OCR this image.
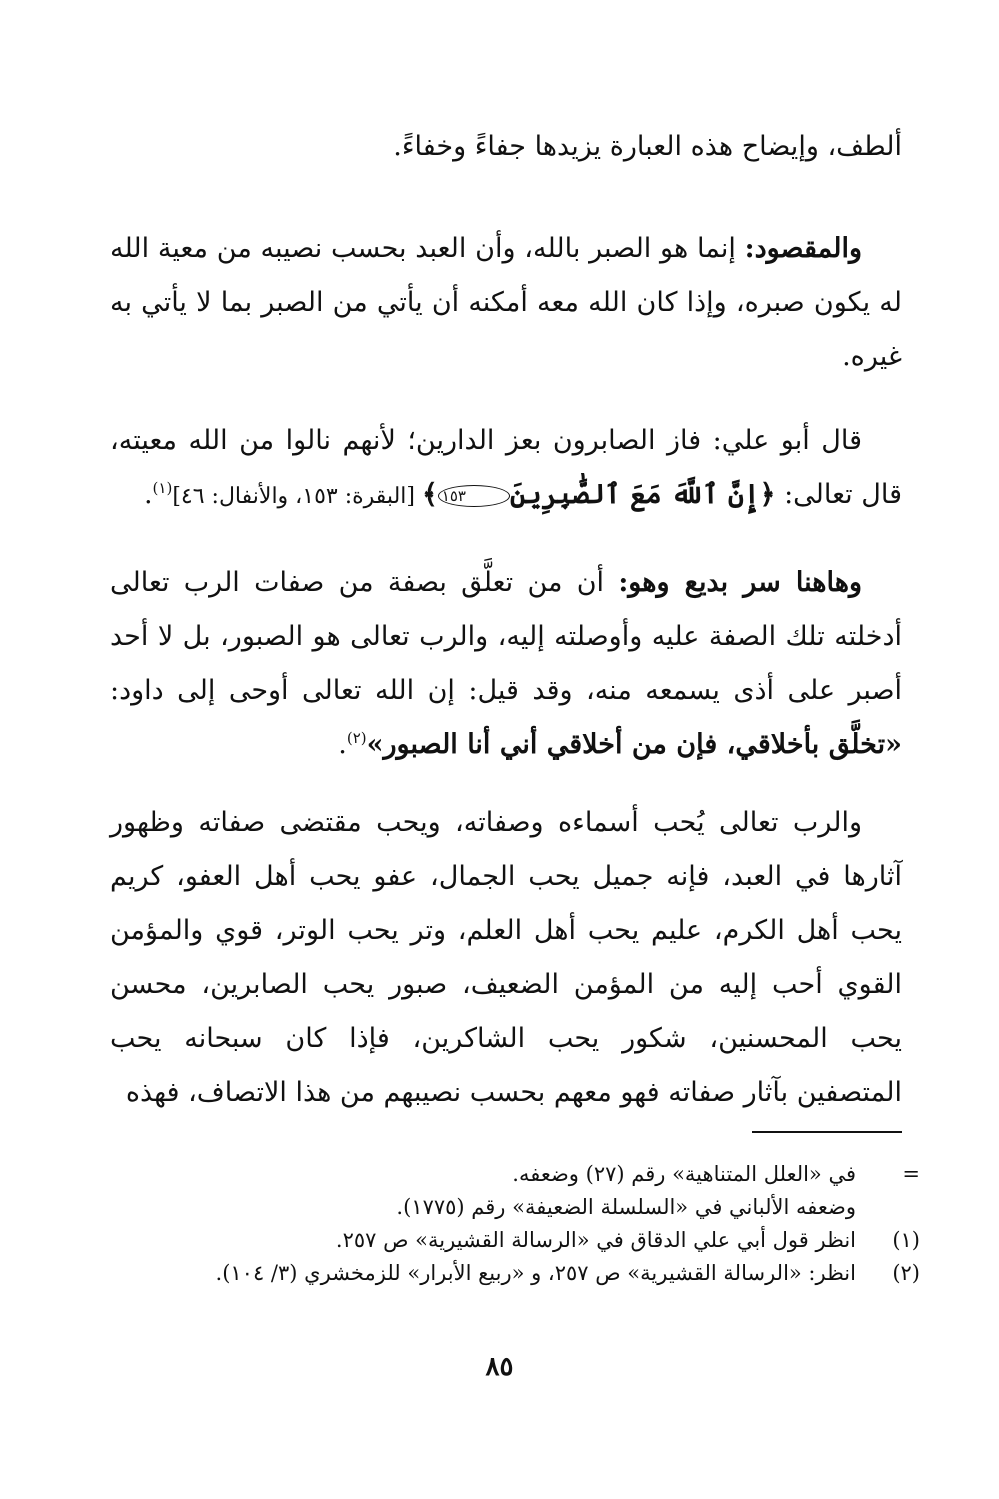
ألطف، وإيضاح هذه العبارة يزيدها جفاءً وخفاءً.

والمقصود: إنما هو الصبر بالله، وأن العبد بحسب نصيبه من معية الله له يكون صبره، وإذا كان الله معه أمكنه أن يأتي من الصبر بما لا يأتي به غيره.

قال أبو علي: فاز الصابرون بعز الدارين؛ لأنهم نالوا من الله معيته، قال تعالى: ﴿إِنَّ ٱللَّهَ مَعَ ٱلصَّٰبِرِينَ١٥٣﴾ [البقرة: ١٥٣، والأنفال: ٤٦]$^{(١)}$.

وهاهنا سر بديع وهو: أن من تعلَّق بصفة من صفات الرب تعالى أدخلته تلك الصفة عليه وأوصلته إليه، والرب تعالى هو الصبور، بل لا أحد أصبر على أذى يسمعه منه، وقد قيل: إن الله تعالى أوحى إلى داود: «تخلَّق بأخلاقي، فإن من أخلاقي أني أنا الصبور»$^{(٢)}$.

والرب تعالى يُحب أسماءه وصفاته، ويحب مقتضى صفاته وظهور آثارها في العبد، فإنه جميل يحب الجمال، عفو يحب أهل العفو، كريم يحب أهل الكرم، عليم يحب أهل العلم، وتر يحب الوتر، قوي والمؤمن القوي أحب إليه من المؤمن الضعيف، صبور يحب الصابرين، محسن يحب المحسنين، شكور يحب الشاكرين، فإذا كان سبحانه يحب المتصفين بآثار صفاته فهو معهم بحسب نصيبهم من هذا الاتصاف، فهذه

=
في «العلل المتناهية» رقم (٢٧) وضعفه.
وضعفه الألباني في «السلسلة الضعيفة» رقم (١٧٧٥).
(١)
انظر قول أبي علي الدقاق في «الرسالة القشيرية» ص ٢٥٧.
(٢)
انظر: «الرسالة القشيرية» ص ٢٥٧، و «ربيع الأبرار» للزمخشري (٣/ ١٠٤).
٨٥
